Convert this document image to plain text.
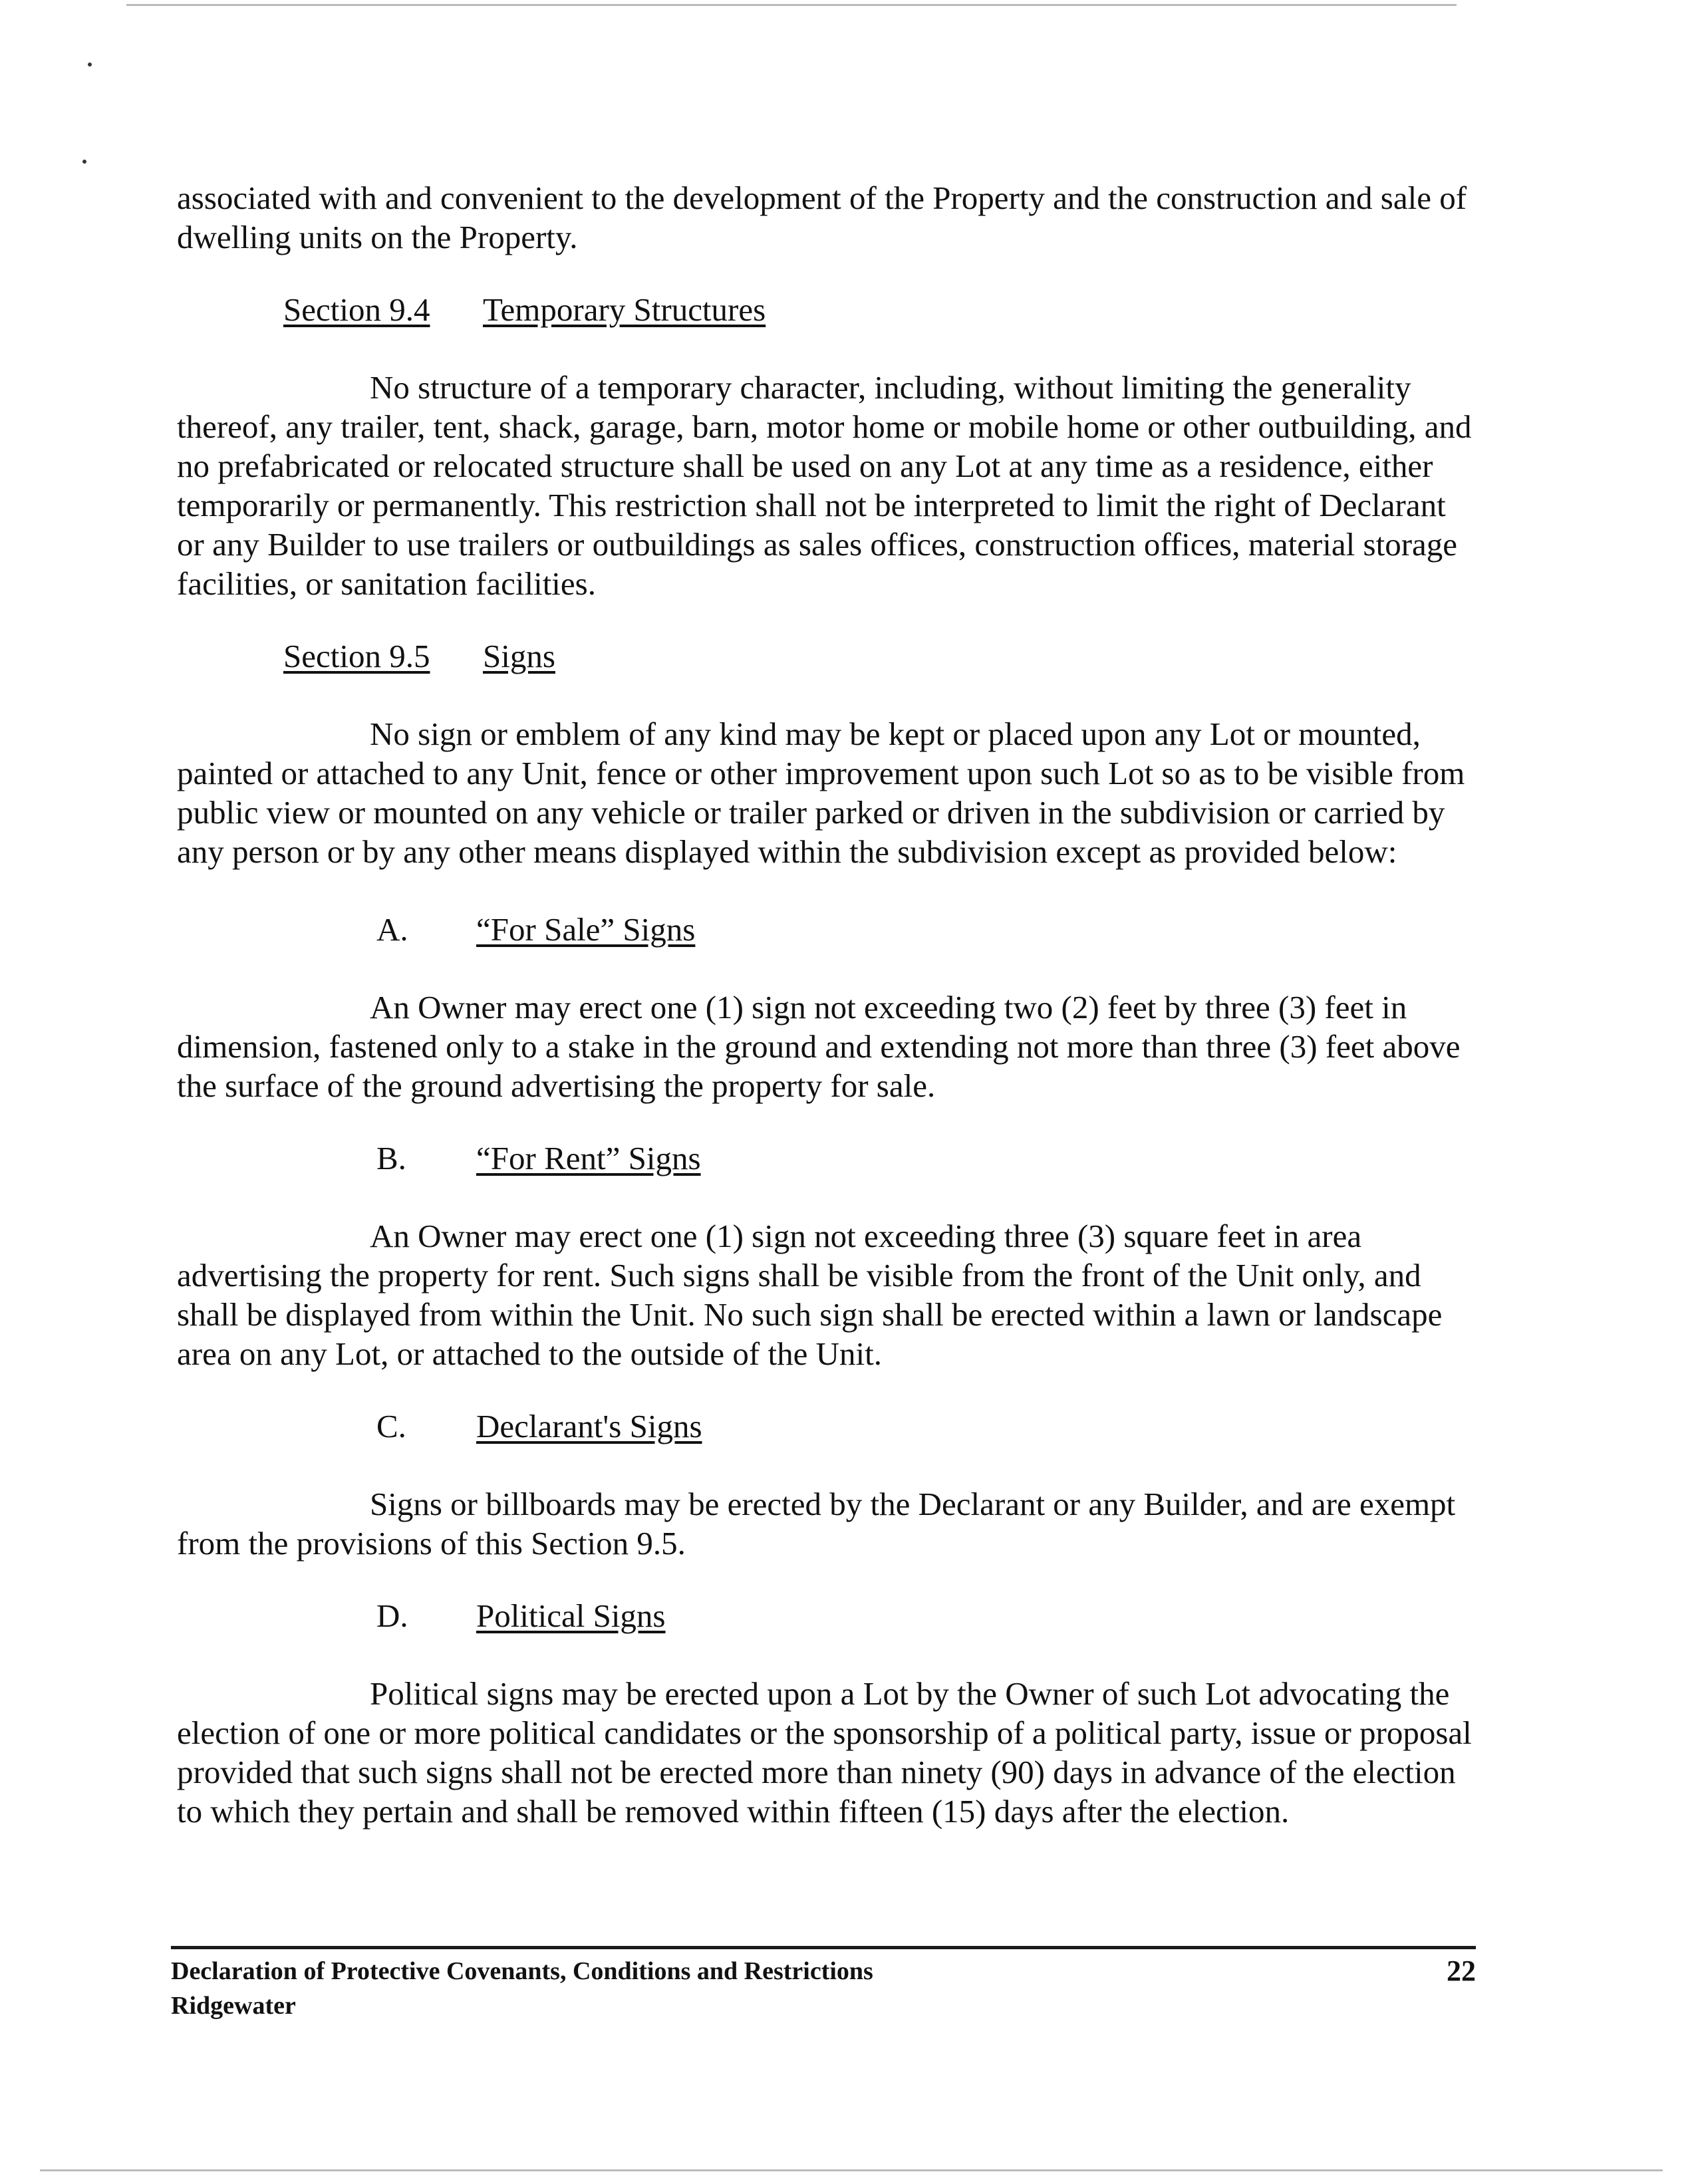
associated with and convenient to the development of the Property and the construction and sale of dwelling units on the Property.

Section 9.4 Temporary Structures

No structure of a temporary character, including, without limiting the generality thereof, any trailer, tent, shack, garage, barn, motor home or mobile home or other outbuilding, and no prefabricated or relocated structure shall be used on any Lot at any time as a residence, either temporarily or permanently. This restriction shall not be interpreted to limit the right of Declarant or any Builder to use trailers or outbuildings as sales offices, construction offices, material storage facilities, or sanitation facilities.

Section 9.5 Signs

No sign or emblem of any kind may be kept or placed upon any Lot or mounted, painted or attached to any Unit, fence or other improvement upon such Lot so as to be visible from public view or mounted on any vehicle or trailer parked or driven in the subdivision or carried by any person or by any other means displayed within the subdivision except as provided below:

A. “For Sale” Signs

An Owner may erect one (1) sign not exceeding two (2) feet by three (3) feet in dimension, fastened only to a stake in the ground and extending not more than three (3) feet above the surface of the ground advertising the property for sale.

B. “For Rent” Signs

An Owner may erect one (1) sign not exceeding three (3) square feet in area advertising the property for rent. Such signs shall be visible from the front of the Unit only, and shall be displayed from within the Unit. No such sign shall be erected within a lawn or landscape area on any Lot, or attached to the outside of the Unit.

C. Declarant's Signs

Signs or billboards may be erected by the Declarant or any Builder, and are exempt from the provisions of this Section 9.5.

D. Political Signs

Political signs may be erected upon a Lot by the Owner of such Lot advocating the election of one or more political candidates or the sponsorship of a political party, issue or proposal provided that such signs shall not be erected more than ninety (90) days in advance of the election to which they pertain and shall be removed within fifteen (15) days after the election.

Declaration of Protective Covenants, Conditions and Restrictions
Ridgewater
22
